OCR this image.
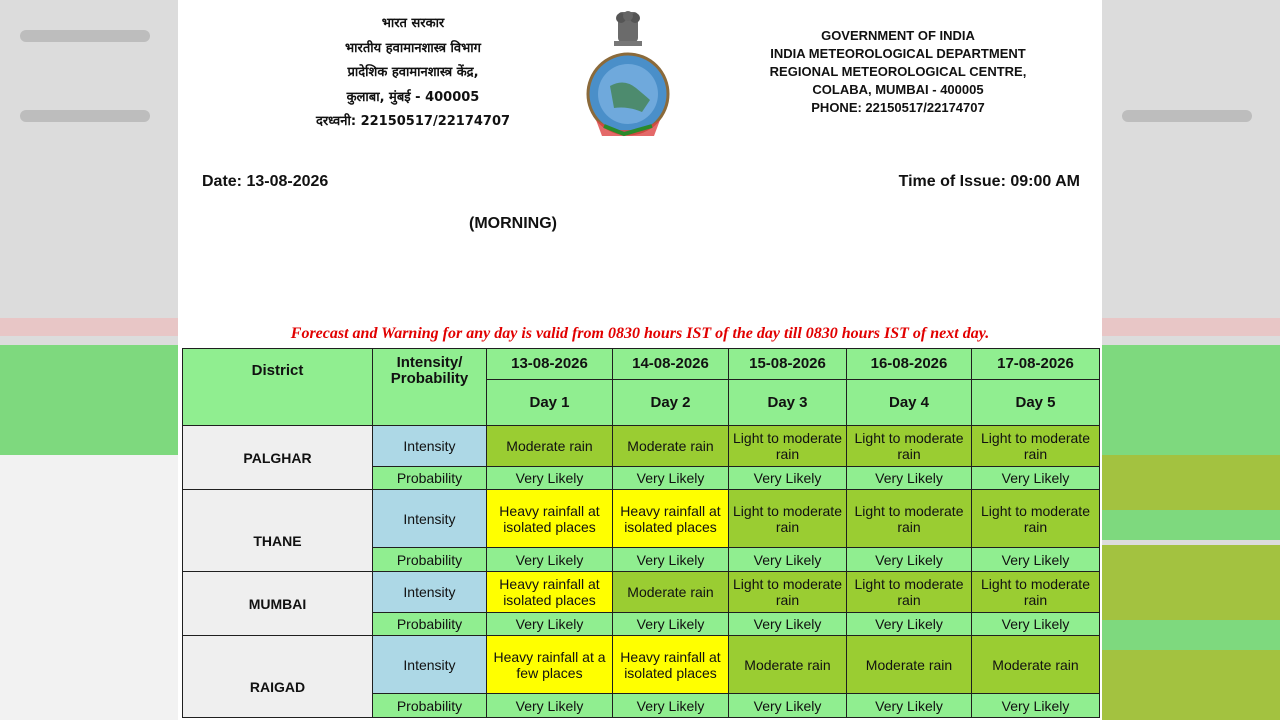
भारत सरकार
भारतीय हवामानशास्त्र विभाग
प्रादेशिक हवामानशास्त्र केंद्र,
कुलाबा, मुंबई - 400005
दरध्वनी: 22150517/22174707
GOVERNMENT OF INDIA
INDIA METEOROLOGICAL DEPARTMENT
REGIONAL METEOROLOGICAL CENTRE,
COLABA, MUMBAI - 400005
PHONE: 22150517/22174707
Date: 13-08-2026	Time of Issue: 09:00 AM
(MORNING)
Forecast and Warning for any day is valid from 0830 hours IST of the day till 0830 hours IST of next day.
District	Intensity/ Probability	13-08-2026	14-08-2026	15-08-2026	16-08-2026	17-08-2026
		Day 1	Day 2	Day 3	Day 4	Day 5
PALGHAR	Intensity	Moderate rain	Moderate rain	Light to moderate rain	Light to moderate rain	Light to moderate rain
	Probability	Very Likely	Very Likely	Very Likely	Very Likely	Very Likely
THANE	Intensity	Heavy rainfall at isolated places	Heavy rainfall at isolated places	Light to moderate rain	Light to moderate rain	Light to moderate rain
	Probability	Very Likely	Very Likely	Very Likely	Very Likely	Very Likely
MUMBAI	Intensity	Heavy rainfall at isolated places	Moderate rain	Light to moderate rain	Light to moderate rain	Light to moderate rain
	Probability	Very Likely	Very Likely	Very Likely	Very Likely	Very Likely
RAIGAD	Intensity	Heavy rainfall at a few places	Heavy rainfall at isolated places	Moderate rain	Moderate rain	Moderate rain
	Probability	Very Likely	Very Likely	Very Likely	Very Likely	Very Likely
